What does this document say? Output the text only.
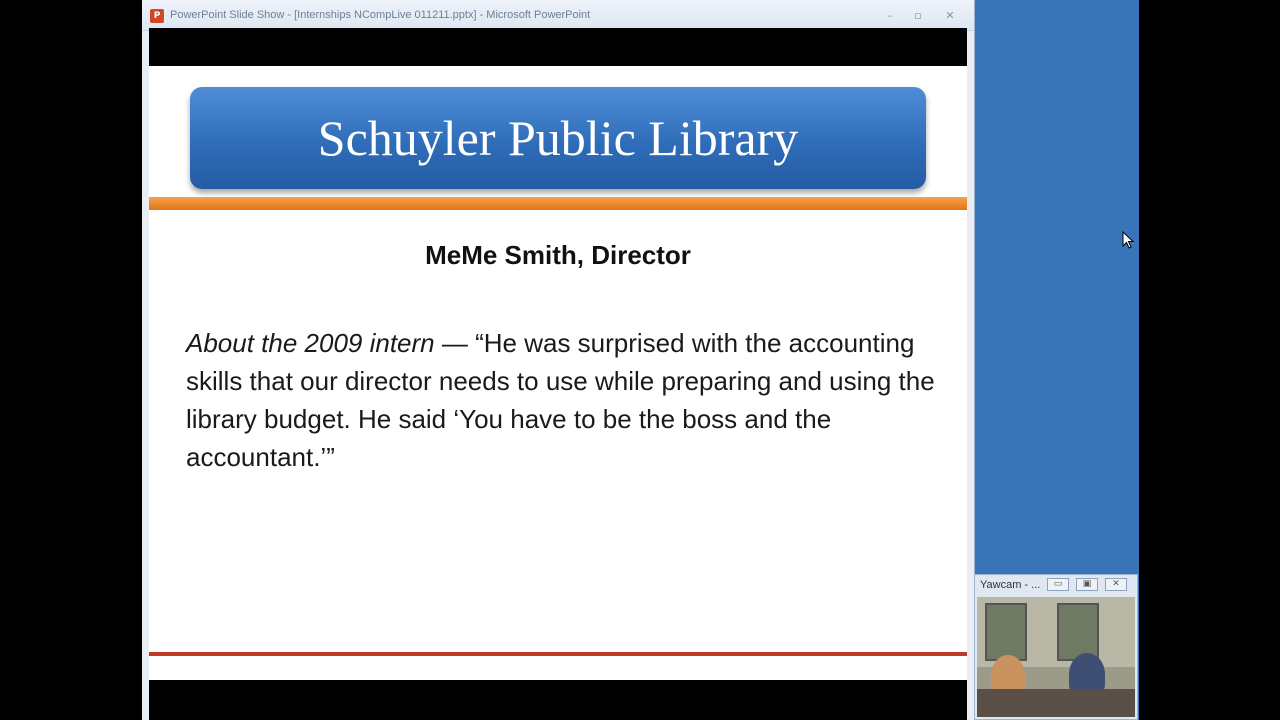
P PowerPoint Slide Show - [Internships NCompLive 011211.pptx] - Microsoft PowerPoint	–	▫	✕
Schuyler Public Library
MeMe Smith, Director
About the 2009 intern — “He was surprised with the accounting skills that our director needs to use while preparing and using the library budget. He said ‘You have to be the boss and the accountant.’”
Yawcam - ...	▭	▣	✕
